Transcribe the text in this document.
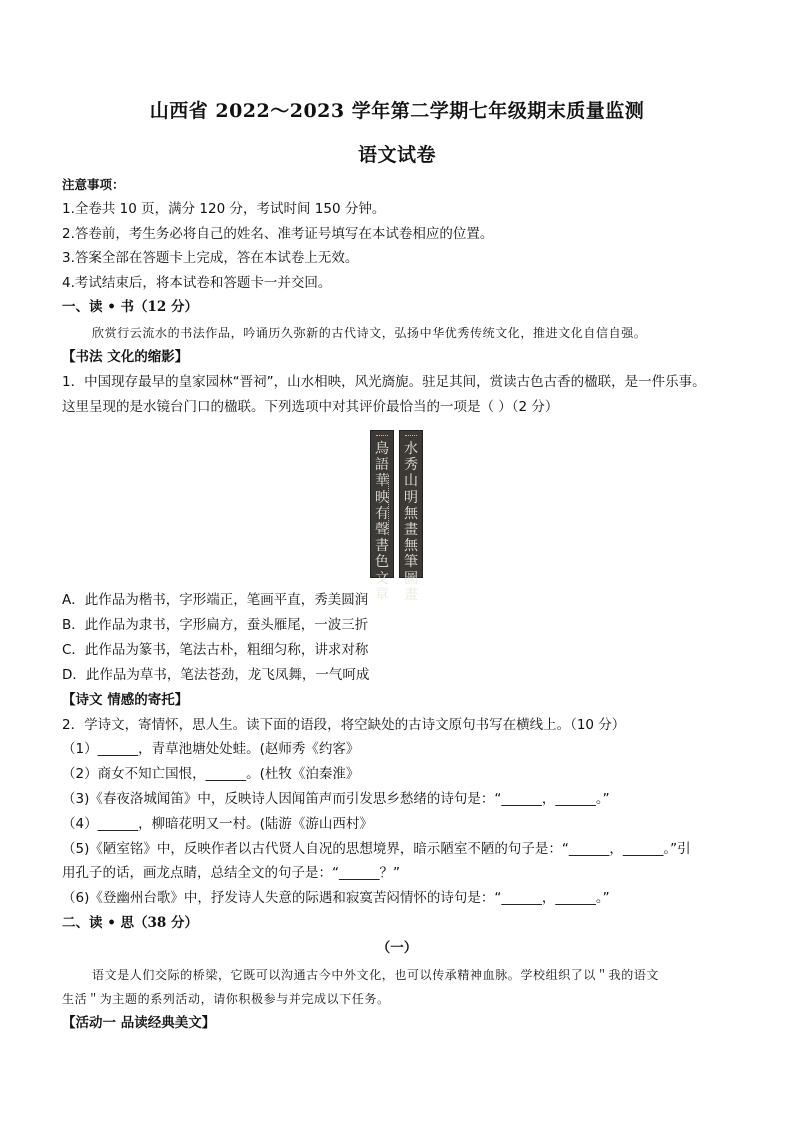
山西省 2022～2023 学年第二学期七年级期末质量监测
语文试卷
注意事项：
1.全卷共 10 页，满分 120 分，考试时间 150 分钟。
2.答卷前，考生务必将自己的姓名、准考证号填写在本试卷相应的位置。
3.答案全部在答题卡上完成，答在本试卷上无效。
4.考试结束后，将本试卷和答题卡一并交回。
一、读 • 书（12 分）
欣赏行云流水的书法作品，吟诵历久弥新的古代诗文，弘扬中华优秀传统文化，推进文化自信自强。
【书法 文化的缩影】
1．中国现存最早的皇家园林“晋祠”，山水相映，风光旖旎。驻足其间，赏读古色古香的楹联，是一件乐事。
这里呈现的是水镜台门口的楹联。下列选项中对其评价最恰当的一项是（ ）（2 分）
鳥
語
華
映
有
聲
書
色
文
章
水
秀
山
明
無
畫
無
筆
圖
畫
A．此作品为楷书，字形端正，笔画平直，秀美圆润
B．此作品为隶书，字形扁方，蚕头雁尾，一波三折
C．此作品为篆书，笔法古朴，粗细匀称，讲求对称
D．此作品为草书，笔法苍劲，龙飞凤舞，一气呵成
【诗文 情感的寄托】
2．学诗文，寄情怀，思人生。读下面的语段，将空缺处的古诗文原句书写在横线上。（10 分）
（1）______，青草池塘处处蛙。(赵师秀《约客》
（2）商女不知亡国恨，______。(杜牧《泊秦淮》
（3)《春夜洛城闻笛》中，反映诗人因闻笛声而引发思乡愁绪的诗句是：“______，______。”
（4）______，柳暗花明又一村。(陆游《游山西村》
（5)《陋室铭》中，反映作者以古代贤人自况的思想境界，暗示陋室不陋的句子是：“______，______。”引
用孔子的话，画龙点睛，总结全文的句子是：“______？”
（6)《登幽州台歌》中，抒发诗人失意的际遇和寂寞苦闷情怀的诗句是：“______，______。”
二、读 • 思（38 分）
（一）
语文是人们交际的桥梁，它既可以沟通古今中外文化，也可以传承精神血脉。学校组织了以＂我的语文
生活＂为主题的系列活动，请你积极参与并完成以下任务。
【活动一 品读经典美文】
